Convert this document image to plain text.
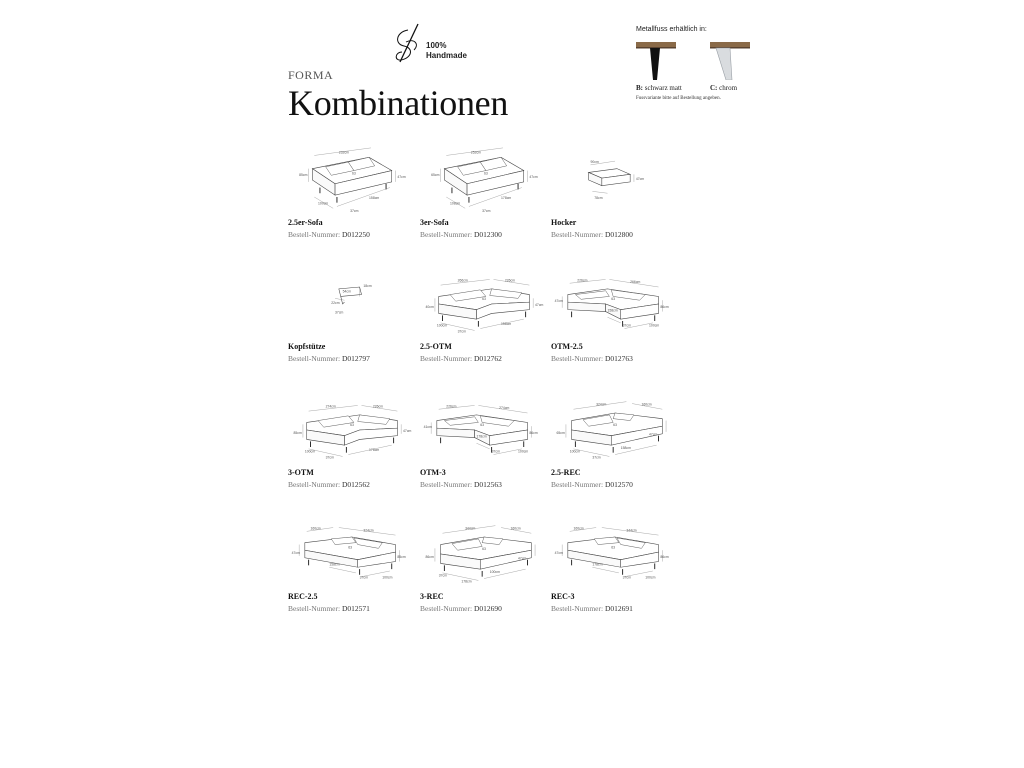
100%
Handmade
FORMA
Kombinationen
Metallfuss erhältlich in:
B: schwarz matt	C: chrom
Fussvariante bitte auf Bestellung angeben.
232cm
85cm	63
47cm
100cm
158cm
37cm
2.5er-Sofa
Bestell-Nummer: D012250
252cm
65cm	63
47cm
108cm
178cm
37cm
3er-Sofa
Bestell-Nummer: D012300
90cm
47cm
78cm
Hocker
Bestell-Nummer: D012800
54cm
18cm
22cm
37cm
Kopfstütze
Bestell-Nummer: D012797
266cm	226cm
63
40cm
100cm	158cm
37cm
47cm
2.5-OTM
Bestell-Nummer: D012762
226cm	266cm
63
47cm
158cm
37cm	100cm
86cm
OTM-2.5
Bestell-Nummer: D012763
274cm	226cm
63
85cm
100cm	178cm
37cm
47cm
3-OTM
Bestell-Nummer: D012562
226cm	274cm
63
41cm
178cm
37cm	100cm
86cm
OTM-3
Bestell-Nummer: D012563
324cm	160cm
63
65cm
158cm
37cm
100cm
47cm
2.5-REC
Bestell-Nummer: D012570
160cm	324cm
63
47cm
158cm
37cm	100cm
85cm
REC-2.5
Bestell-Nummer: D012571
344cm	160cm
63
86cm
100cm
178cm
37cm
47cm
3-REC
Bestell-Nummer: D012690
160cm	344cm
63
47cm
178cm
37cm	100cm
86cm
REC-3
Bestell-Nummer: D012691
